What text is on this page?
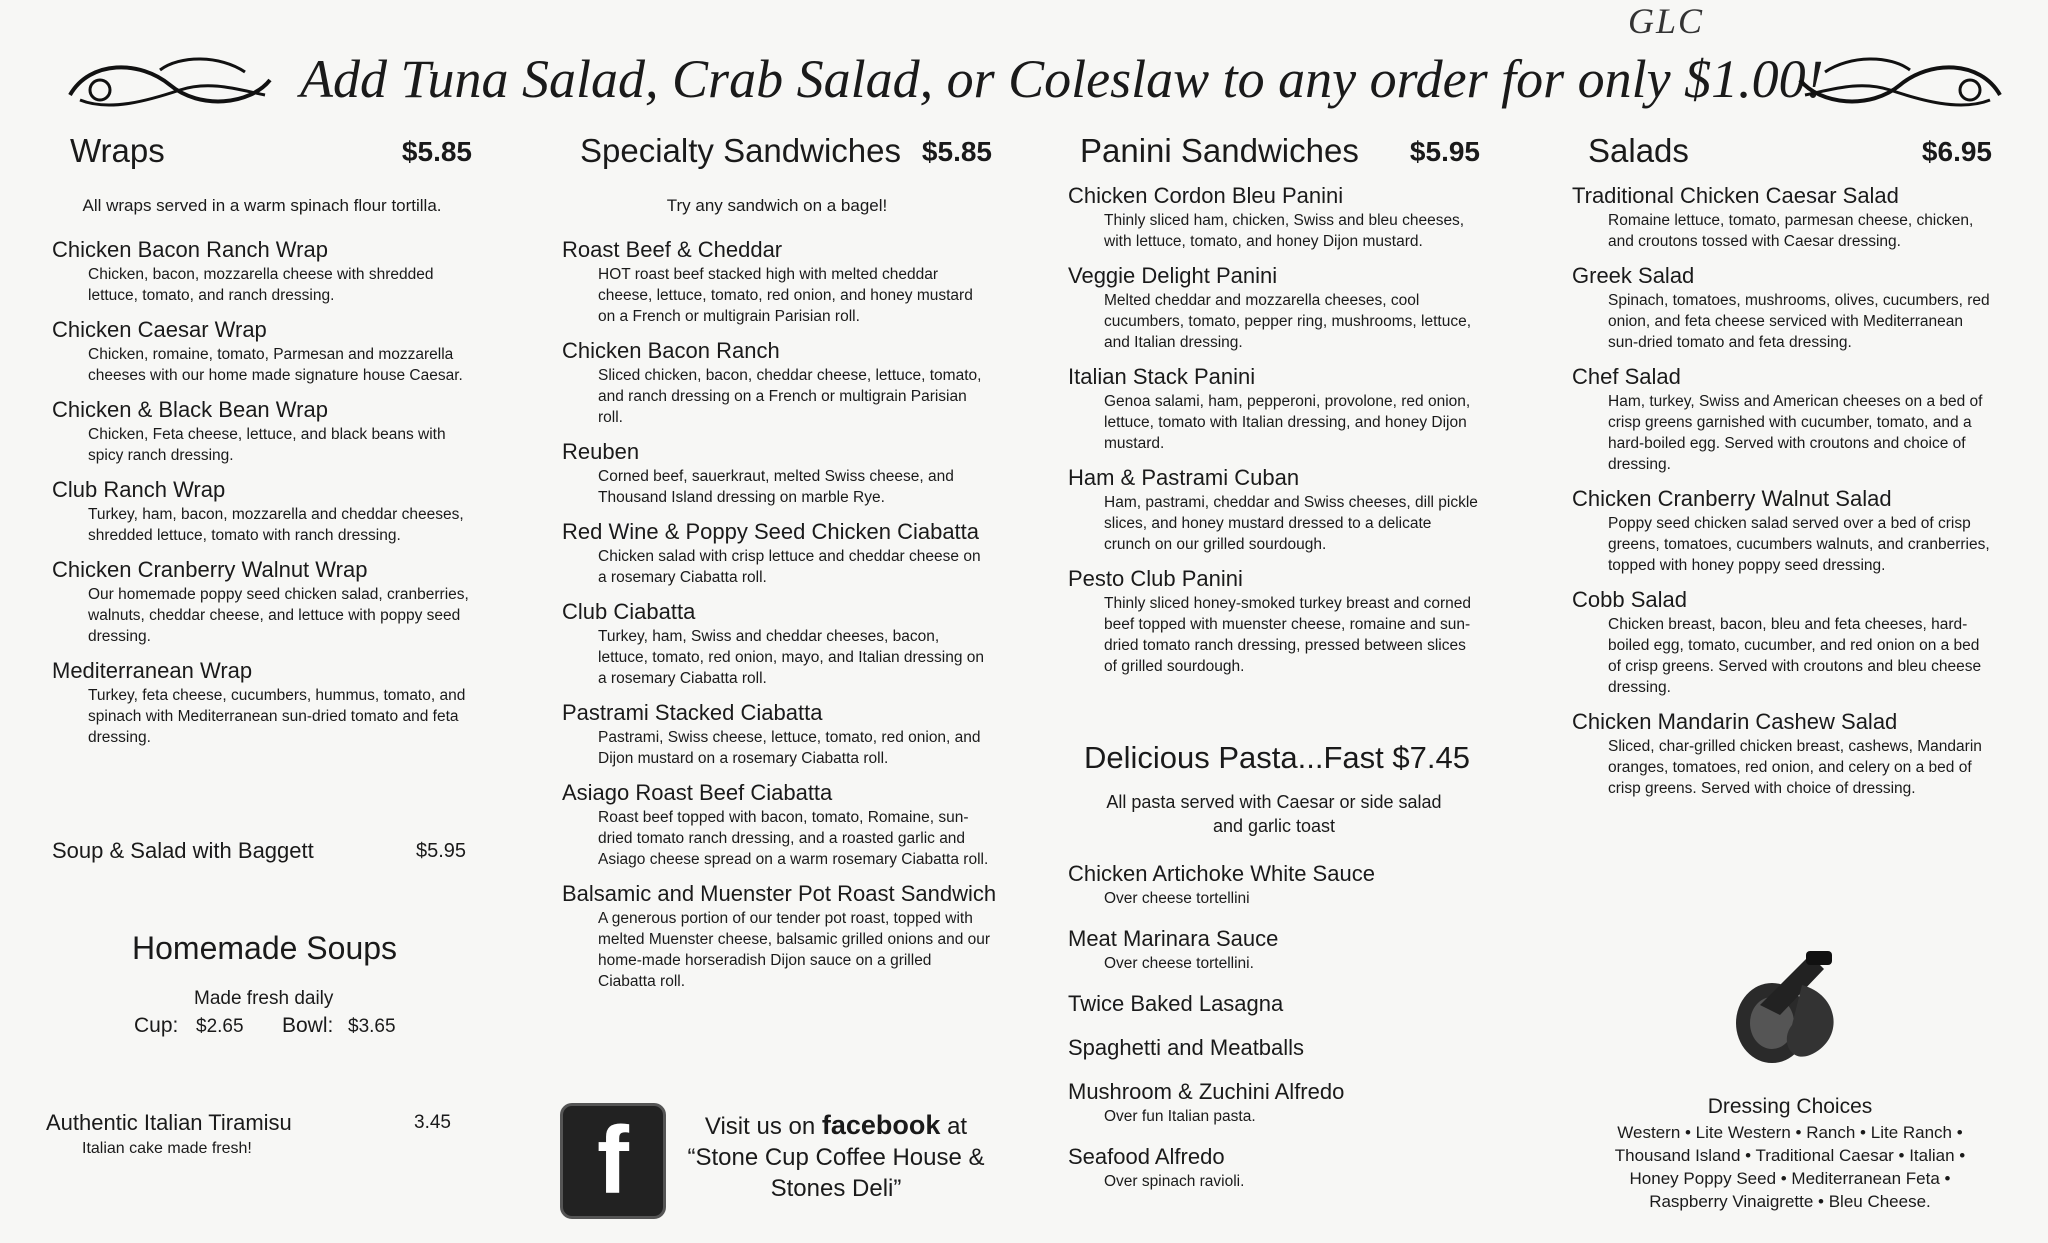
Add Tuna Salad, Crab Salad, or Coleslaw to any order for only $1.00!
GLC
Wraps	$5.85
All wraps served in a warm spinach flour tortilla.
Chicken Bacon Ranch Wrap
Chicken, bacon, mozzarella cheese with shredded lettuce, tomato, and ranch dressing.
Chicken Caesar Wrap
Chicken, romaine, tomato, Parmesan and mozzarella cheeses with our home made signature house Caesar.
Chicken & Black Bean Wrap
Chicken, Feta cheese, lettuce, and black beans with spicy ranch dressing.
Club Ranch Wrap
Turkey, ham, bacon, mozzarella and cheddar cheeses, shredded lettuce, tomato with ranch dressing.
Chicken Cranberry Walnut Wrap
Our homemade poppy seed chicken salad, cranberries, walnuts, cheddar cheese, and lettuce with poppy seed dressing.
Mediterranean Wrap
Turkey, feta cheese, cucumbers, hummus, tomato, and spinach with Mediterranean sun-dried tomato and feta dressing.
Soup & Salad with Baggett	$5.95
Homemade Soups
Made fresh daily
Cup: $2.65 Bowl: $3.65
Authentic Italian Tiramisu	3.45
Italian cake made fresh!
Specialty Sandwiches $5.85
Try any sandwich on a bagel!
Roast Beef & Cheddar
HOT roast beef stacked high with melted cheddar cheese, lettuce, tomato, red onion, and honey mustard on a French or multigrain Parisian roll.
Chicken Bacon Ranch
Sliced chicken, bacon, cheddar cheese, lettuce, tomato, and ranch dressing on a French or multigrain Parisian roll.
Reuben
Corned beef, sauerkraut, melted Swiss cheese, and Thousand Island dressing on marble Rye.
Red Wine & Poppy Seed Chicken Ciabatta
Chicken salad with crisp lettuce and cheddar cheese on a rosemary Ciabatta roll.
Club Ciabatta
Turkey, ham, Swiss and cheddar cheeses, bacon, lettuce, tomato, red onion, mayo, and Italian dressing on a rosemary Ciabatta roll.
Pastrami Stacked Ciabatta
Pastrami, Swiss cheese, lettuce, tomato, red onion, and Dijon mustard on a rosemary Ciabatta roll.
Asiago Roast Beef Ciabatta
Roast beef topped with bacon, tomato, Romaine, sun-dried tomato ranch dressing, and a roasted garlic and Asiago cheese spread on a warm rosemary Ciabatta roll.
Balsamic and Muenster Pot Roast Sandwich
A generous portion of our tender pot roast, topped with melted Muenster cheese, balsamic grilled onions and our home-made horseradish Dijon sauce on a grilled Ciabatta roll.
f	Visit us on facebook at
“Stone Cup Coffee House & Stones Deli”
Panini Sandwiches $5.95
Chicken Cordon Bleu Panini
Thinly sliced ham, chicken, Swiss and bleu cheeses, with lettuce, tomato, and honey Dijon mustard.
Veggie Delight Panini
Melted cheddar and mozzarella cheeses, cool cucumbers, tomato, pepper ring, mushrooms, lettuce, and Italian dressing.
Italian Stack Panini
Genoa salami, ham, pepperoni, provolone, red onion, lettuce, tomato with Italian dressing, and honey Dijon mustard.
Ham & Pastrami Cuban
Ham, pastrami, cheddar and Swiss cheeses, dill pickle slices, and honey mustard dressed to a delicate crunch on our grilled sourdough.
Pesto Club Panini
Thinly sliced honey-smoked turkey breast and corned beef topped with muenster cheese, romaine and sun-dried tomato ranch dressing, pressed between slices of grilled sourdough.
Delicious Pasta...Fast $7.45
All pasta served with Caesar or side salad and garlic toast
Chicken Artichoke White Sauce
Over cheese tortellini
Meat Marinara Sauce
Over cheese tortellini.
Twice Baked Lasagna
Spaghetti and Meatballs
Mushroom & Zuchini Alfredo
Over fun Italian pasta.
Seafood Alfredo
Over spinach ravioli.
Salads	$6.95
Traditional Chicken Caesar Salad
Romaine lettuce, tomato, parmesan cheese, chicken, and croutons tossed with Caesar dressing.
Greek Salad
Spinach, tomatoes, mushrooms, olives, cucumbers, red onion, and feta cheese serviced with Mediterranean sun-dried tomato and feta dressing.
Chef Salad
Ham, turkey, Swiss and American cheeses on a bed of crisp greens garnished with cucumber, tomato, and a hard-boiled egg. Served with croutons and choice of dressing.
Chicken Cranberry Walnut Salad
Poppy seed chicken salad served over a bed of crisp greens, tomatoes, cucumbers walnuts, and cranberries, topped with honey poppy seed dressing.
Cobb Salad
Chicken breast, bacon, bleu and feta cheeses, hard-boiled egg, tomato, cucumber, and red onion on a bed of crisp greens. Served with croutons and bleu cheese dressing.
Chicken Mandarin Cashew Salad
Sliced, char-grilled chicken breast, cashews, Mandarin oranges, tomatoes, red onion, and celery on a bed of crisp greens. Served with choice of dressing.
Dressing Choices
Western • Lite Western • Ranch • Lite Ranch •
Thousand Island • Traditional Caesar • Italian •
Honey Poppy Seed • Mediterranean Feta •
Raspberry Vinaigrette • Bleu Cheese.
